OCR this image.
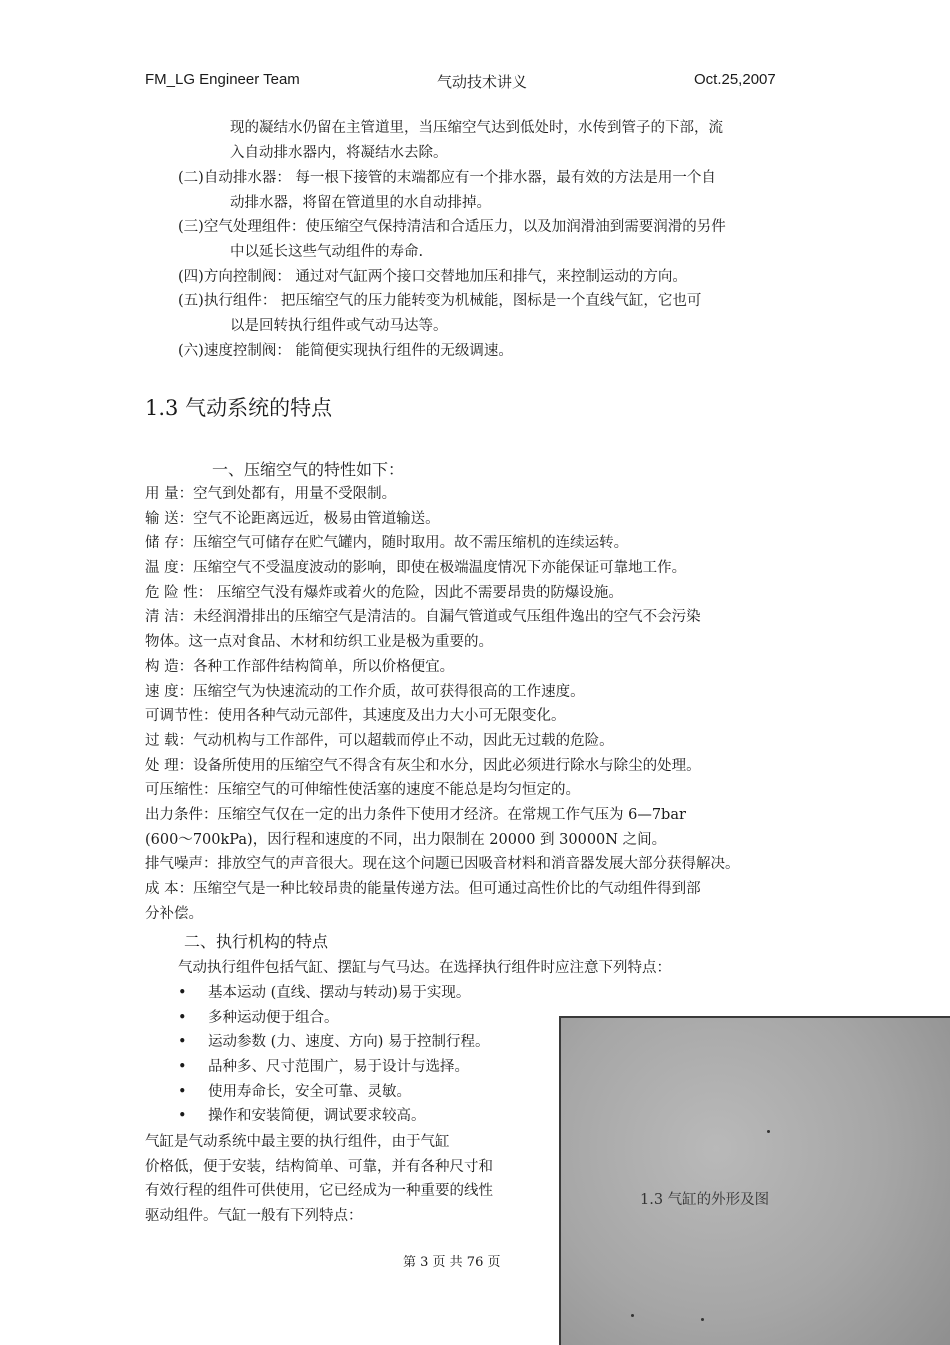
FM_LG Engineer Team	气动技术讲义	Oct.25,2007
现的凝结水仍留在主管道里，当压缩空气达到低处时，水传到管子的下部，流
入自动排水器内，将凝结水去除。
(二)自动排水器： 每一根下接管的末端都应有一个排水器，最有效的方法是用一个自
动排水器，将留在管道里的水自动排掉。
(三)空气处理组件：使压缩空气保持清洁和合适压力，以及加润滑油到需要润滑的另件
中以延长这些气动组件的寿命.
(四)方向控制阀： 通过对气缸两个接口交替地加压和排气，来控制运动的方向。
(五)执行组件： 把压缩空气的压力能转变为机械能，图标是一个直线气缸，它也可
以是回转执行组件或气动马达等。
(六)速度控制阀： 能简便实现执行组件的无级调速。
1.3 气动系统的特点
一、压缩空气的特性如下：
用 量：空气到处都有，用量不受限制。
输 送：空气不论距离远近，极易由管道输送。
储 存：压缩空气可储存在贮气罐内，随时取用。故不需压缩机的连续运转。
温 度：压缩空气不受温度波动的影响，即使在极端温度情况下亦能保证可靠地工作。
危 险 性： 压缩空气没有爆炸或着火的危险，因此不需要昂贵的防爆设施。
清 洁：未经润滑排出的压缩空气是清洁的。自漏气管道或气压组件逸出的空气不会污染
物体。这一点对食品、木材和纺织工业是极为重要的。
构 造：各种工作部件结构简单，所以价格便宜。
速 度：压缩空气为快速流动的工作介质，故可获得很高的工作速度。
可调节性：使用各种气动元部件，其速度及出力大小可无限变化。
过 载：气动机构与工作部件，可以超载而停止不动，因此无过载的危险。
处 理：设备所使用的压缩空气不得含有灰尘和水分，因此必须进行除水与除尘的处理。
可压缩性：压缩空气的可伸缩性使活塞的速度不能总是均匀恒定的。
出力条件：压缩空气仅在一定的出力条件下使用才经济。在常规工作气压为 6—7bar
(600～700kPa)，因行程和速度的不同，出力限制在 20000 到 30000N 之间。
排气噪声：排放空气的声音很大。现在这个问题已因吸音材料和消音器发展大部分获得解决。
成 本：压缩空气是一种比较昂贵的能量传递方法。但可通过高性价比的气动组件得到部
分补偿。
二、执行机构的特点
气动执行组件包括气缸、摆缸与气马达。在选择执行组件时应注意下列特点：
• 基本运动 (直线、摆动与转动)易于实现。
• 多种运动便于组合。
• 运动参数 (力、速度、方向) 易于控制行程。
• 品种多、尺寸范围广，易于设计与选择。
• 使用寿命长，安全可靠、灵敏。
• 操作和安装简便，调试要求较高。
气缸是气动系统中最主要的执行组件，由于气缸
价格低，便于安装，结构简单、可靠，并有各种尺寸和
有效行程的组件可供使用，它已经成为一种重要的线性
驱动组件。气缸一般有下列特点：
第 3 页 共 76 页
1.3 气缸的外形及图
